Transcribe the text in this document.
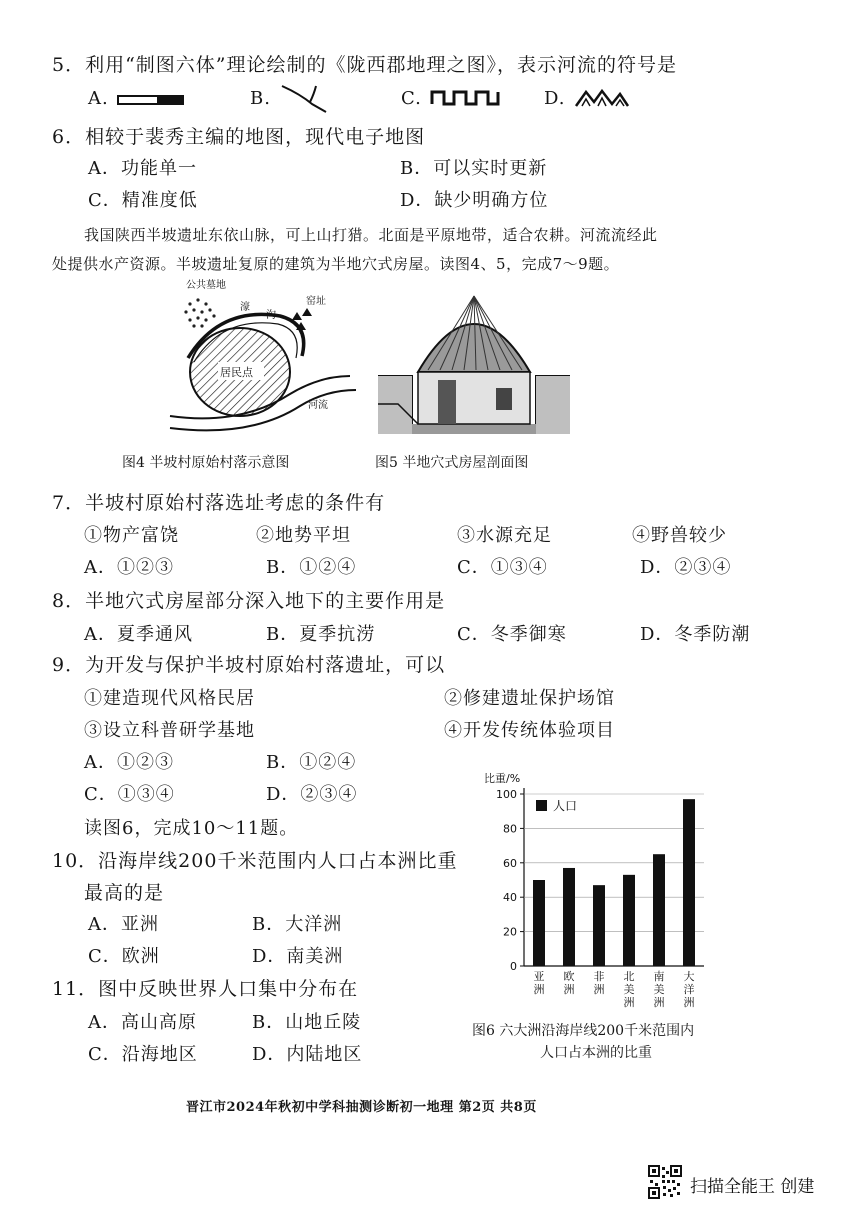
5．利用“制图六体”理论绘制的《陇西郡地理之图》，表示河流的符号是
A.	B.	C.	D.
6．相较于裴秀主编的地图，现代电子地图
A．功能单一	B．可以实时更新
C．精准度低	D．缺少明确方位
我国陕西半坡遗址东依山脉，可上山打猎。北面是平原地带，适合农耕。河流流经此
处提供水产资源。半坡遗址复原的建筑为半地穴式房屋。读图4、5，完成7～9题。
公共墓地
濠
沟
窑址
居民点
河流
图4 半坡村原始村落示意图	图5 半地穴式房屋剖面图
7．半坡村原始村落选址考虑的条件有
①物产富饶	②地势平坦	③水源充足	④野兽较少
A．①②③	B．①②④	C．①③④	D．②③④
8．半地穴式房屋部分深入地下的主要作用是
A．夏季通风	B．夏季抗涝	C．冬季御寒	D．冬季防潮
9．为开发与保护半坡村原始村落遗址，可以
①建造现代风格民居	②修建遗址保护场馆
③设立科普研学基地	④开发传统体验项目
A．①②③	B．①②④
C．①③④	D．②③④
读图6，完成10～11题。
10．沿海岸线200千米范围内人口占本洲比重
最高的是
A．亚洲	B．大洋洲
C．欧洲	D．南美洲
11．图中反映世界人口集中分布在
A．高山高原	B．山地丘陵
C．沿海地区	D．内陆地区
比重/%
0
20
40
60
80
100
亚
洲
欧
洲
非
洲
北
美
洲
南
美
洲
大
洋
洲
人口
图6 六大洲沿海岸线200千米范围内
人口占本洲的比重
晋江市2024年秋初中学科抽测诊断初一地理 第2页 共8页
扫描全能王 创建
